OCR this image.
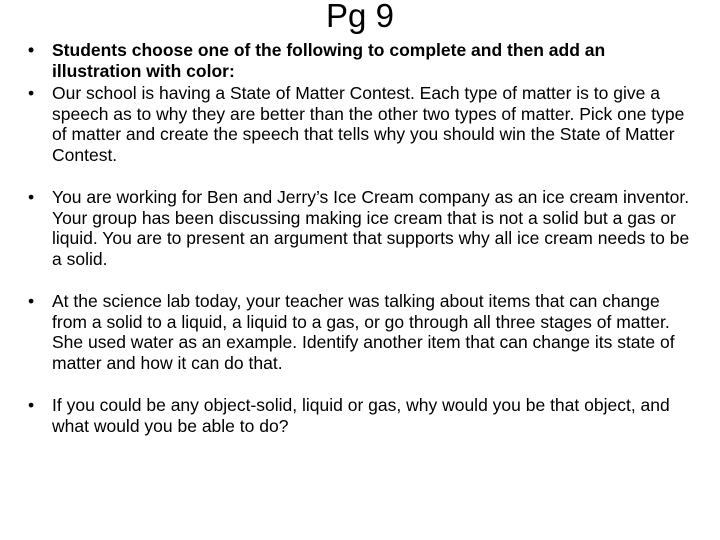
Pg 9
• Students choose one of the following to complete and then add an illustration with color:
• Our school is having a State of Matter Contest. Each type of matter is to give a speech as to why they are better than the other two types of matter. Pick one type of matter and create the speech that tells why you should win the State of Matter Contest.
• You are working for Ben and Jerry’s Ice Cream company as an ice cream inventor. Your group has been discussing making ice cream that is not a solid but a gas or liquid. You are to present an argument that supports why all ice cream needs to be a solid.
• At the science lab today, your teacher was talking about items that can change from a solid to a liquid, a liquid to a gas, or go through all three stages of matter. She used water as an example. Identify another item that can change its state of matter and how it can do that.
• If you could be any object-solid, liquid or gas, why would you be that object, and what would you be able to do?
